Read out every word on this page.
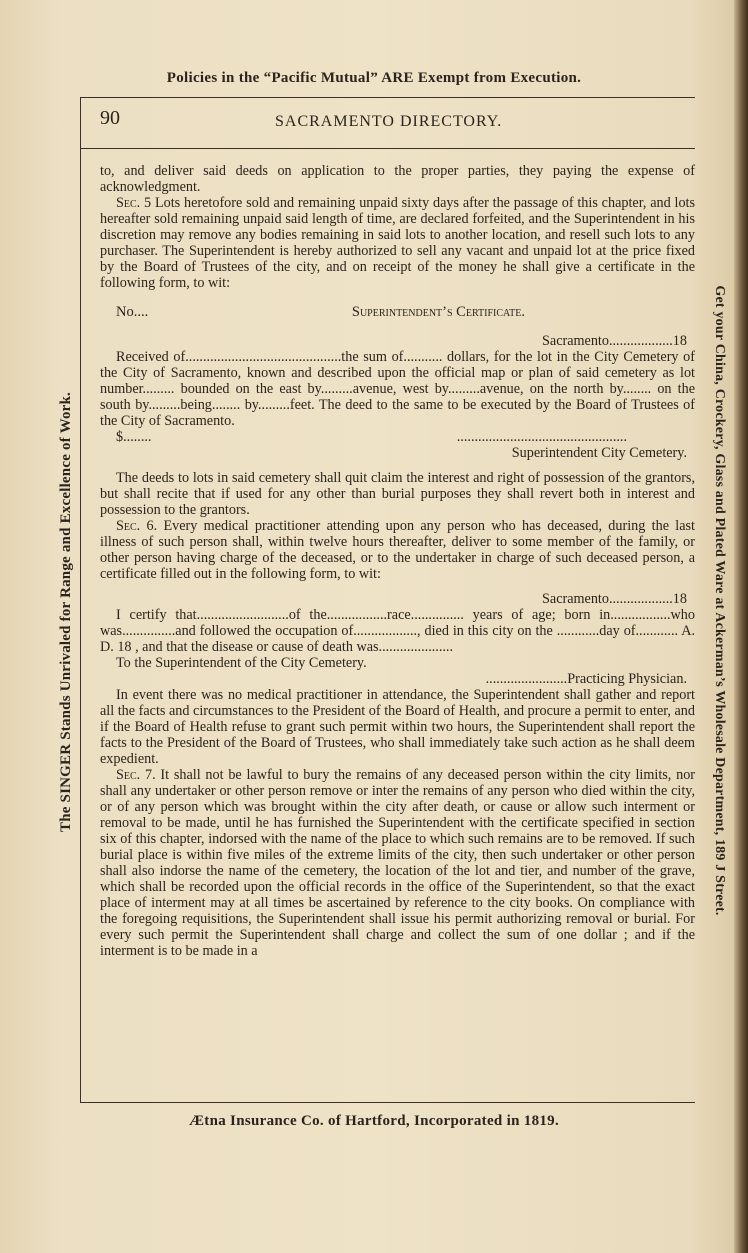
Policies in the “Pacific Mutual” ARE Exempt from Execution.
The SINGER Stands Unrivaled for Range and Excellence of Work.	Get your China, Crockery, Glass and Plated Ware at Ackerman’s Wholesale Department, 189 J Street.
90	SACRAMENTO DIRECTORY.

to, and deliver said deeds on application to the proper parties, they paying the expense of acknowledgment.

Sec. 5 Lots heretofore sold and remaining unpaid sixty days after the passage of this chapter, and lots hereafter sold remaining unpaid said length of time, are declared forfeited, and the Superintendent in his discretion may remove any bodies remaining in said lots to another location, and resell such lots to any purchaser. The Superintendent is hereby authorized to sell any vacant and unpaid lot at the price fixed by the Board of Trustees of the city, and on receipt of the money he shall give a certificate in the following form, to wit:

No....	Superintendent’s Certificate.

Sacramento..................18

Received of............................................the sum of........... dollars, for the lot in the City Cemetery of the City of Sacramento, known and described upon the official map or plan of said cemetery as lot number......... bounded on the east by.........avenue, west by.........avenue, on the north by........ on the south by.........being........ by.........feet. The deed to the same to be executed by the Board of Trustees of the City of Sacramento.

$........	................................................

Superintendent City Cemetery.

The deeds to lots in said cemetery shall quit claim the interest and right of possession of the grantors, but shall recite that if used for any other than burial purposes they shall revert both in interest and possession to the grantors.

Sec. 6. Every medical practitioner attending upon any person who has deceased, during the last illness of such person shall, within twelve hours thereafter, deliver to some member of the family, or other person having charge of the deceased, or to the undertaker in charge of such deceased person, a certificate filled out in the following form, to wit:

Sacramento..................18

I certify that..........................of the.................race............... years of age; born in.................who was...............and followed the occupation of.................., died in this city on the ............day of............ A. D. 18 , and that the disease or cause of death was.....................

To the Superintendent of the City Cemetery.

.......................Practicing Physician.

In event there was no medical practitioner in attendance, the Superintendent shall gather and report all the facts and circumstances to the President of the Board of Health, and procure a permit to enter, and if the Board of Health refuse to grant such permit within two hours, the Superintendent shall report the facts to the President of the Board of Trustees, who shall immediately take such action as he shall deem expedient.

Sec. 7. It shall not be lawful to bury the remains of any deceased person within the city limits, nor shall any undertaker or other person remove or inter the remains of any person who died within the city, or of any person which was brought within the city after death, or cause or allow such interment or removal to be made, until he has furnished the Superintendent with the certificate specified in section six of this chapter, indorsed with the name of the place to which such remains are to be removed. If such burial place is within five miles of the extreme limits of the city, then such undertaker or other person shall also indorse the name of the cemetery, the location of the lot and tier, and number of the grave, which shall be recorded upon the official records in the office of the Superintendent, so that the exact place of interment may at all times be ascertained by reference to the city books. On compliance with the foregoing requisitions, the Superintendent shall issue his permit authorizing removal or burial. For every such permit the Superintendent shall charge and collect the sum of one dollar ; and if the interment is to be made in a

Ætna Insurance Co. of Hartford, Incorporated in 1819.
